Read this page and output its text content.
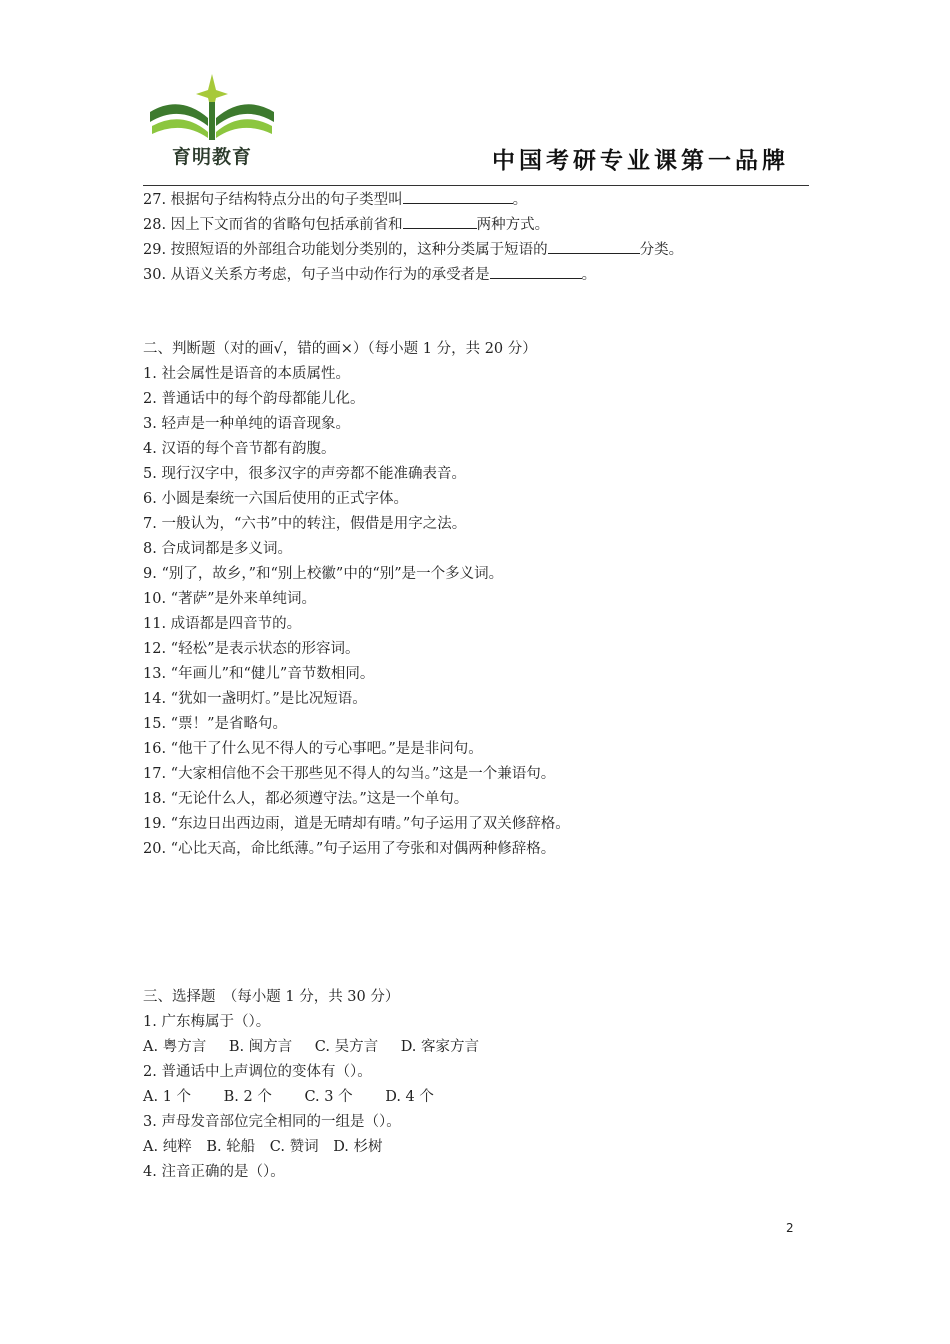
育明教育	中国考研专业课第一品牌
27. 根据句子结构特点分出的句子类型叫	。
28. 因上下文而省的省略句包括承前省和	两种方式。
29. 按照短语的外部组合功能划分类别的，这种分类属于短语的	分类。
30. 从语义关系方考虑，句子当中动作行为的承受者是	。
二、判断题（对的画√，错的画×）（每小题 1 分，共 20 分）
1. 社会属性是语音的本质属性。
2. 普通话中的每个韵母都能儿化。
3. 轻声是一种单纯的语音现象。
4. 汉语的每个音节都有韵腹。
5. 现行汉字中，很多汉字的声旁都不能准确表音。
6. 小圆是秦统一六国后使用的正式字体。
7. 一般认为，“六书”中的转注，假借是用字之法。
8. 合成词都是多义词。
9. “别了，故乡，”和“别上校徽”中的“别”是一个多义词。
10. “著萨”是外来单纯词。
11. 成语都是四音节的。
12. “轻松”是表示状态的形容词。
13. “年画儿”和“健儿”音节数相同。
14. “犹如一盏明灯。”是比况短语。
15. “票！”是省略句。
16. “他干了什么见不得人的亏心事吧。”是是非问句。
17. “大家相信他不会干那些见不得人的勾当。”这是一个兼语句。
18. “无论什么人，都必须遵守法。”这是一个单句。
19. “东边日出西边雨，道是无晴却有晴。”句子运用了双关修辞格。
20. “心比天高，命比纸薄。”句子运用了夸张和对偶两种修辞格。
三、选择题　（每小题 1 分，共 30 分）
1. 广东梅属于（）。
A. 粤方言 B. 闽方言 C. 吴方言 D. 客家方言
2. 普通话中上声调位的变体有（）。
A. 1 个 B. 2 个 C. 3 个 D. 4 个
3. 声母发音部位完全相同的一组是（）。
A. 纯粹 B. 轮船 C. 赞词 D. 杉树
4. 注音正确的是（）。
2
